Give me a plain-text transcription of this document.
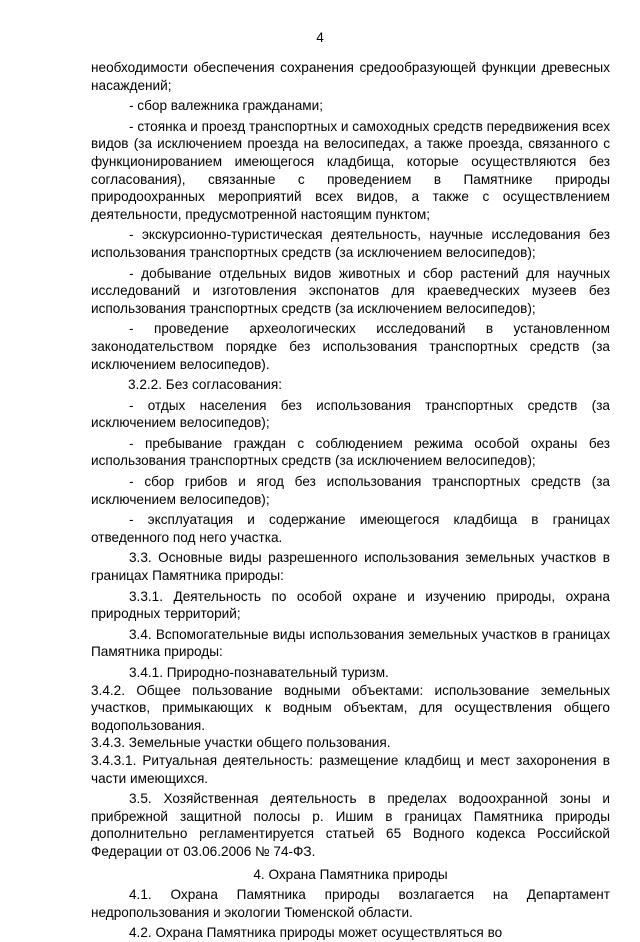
4

необходимости обеспечения сохранения средообразующей функции древесных насаждений;

- сбор валежника гражданами;

- стоянка и проезд транспортных и самоходных средств передвижения всех видов (за исключением проезда на велосипедах, а также проезда, связанного с функционированием имеющегося кладбища, которые осуществляются без согласования), связанные с проведением в Памятнике природы природоохранных мероприятий всех видов, а также с осуществлением деятельности, предусмотренной настоящим пунктом;

- экскурсионно-туристическая деятельность, научные исследования без использования транспортных средств (за исключением велосипедов);

- добывание отдельных видов животных и сбор растений для научных исследований и изготовления экспонатов для краеведческих музеев без использования транспортных средств (за исключением велосипедов);

- проведение археологических исследований в установленном законодательством порядке без использования транспортных средств (за исключением велосипедов).

3.2.2. Без согласования:

- отдых населения без использования транспортных средств (за исключением велосипедов);

- пребывание граждан с соблюдением режима особой охраны без использования транспортных средств (за исключением велосипедов);

- сбор грибов и ягод без использования транспортных средств (за исключением велосипедов);

- эксплуатация и содержание имеющегося кладбища в границах отведенного под него участка.

3.3. Основные виды разрешенного использования земельных участков в границах Памятника природы:

3.3.1. Деятельность по особой охране и изучению природы, охрана природных территорий;

3.4. Вспомогательные виды использования земельных участков в границах Памятника природы:

3.4.1. Природно-познавательный туризм.

3.4.2. Общее пользование водными объектами: использование земельных участков, примыкающих к водным объектам, для осуществления общего водопользования.

3.4.3. Земельные участки общего пользования.

3.4.3.1. Ритуальная деятельность: размещение кладбищ и мест захоронения в части имеющихся.

3.5. Хозяйственная деятельность в пределах водоохранной зоны и прибрежной защитной полосы р. Ишим в границах Памятника природы дополнительно регламентируется статьей 65 Водного кодекса Российской Федерации от 03.06.2006 № 74-ФЗ.

4. Охрана Памятника природы

4.1. Охрана Памятника природы возлагается на Департамент недропользования и экологии Тюменской области.

4.2. Охрана Памятника природы может осуществляться во
